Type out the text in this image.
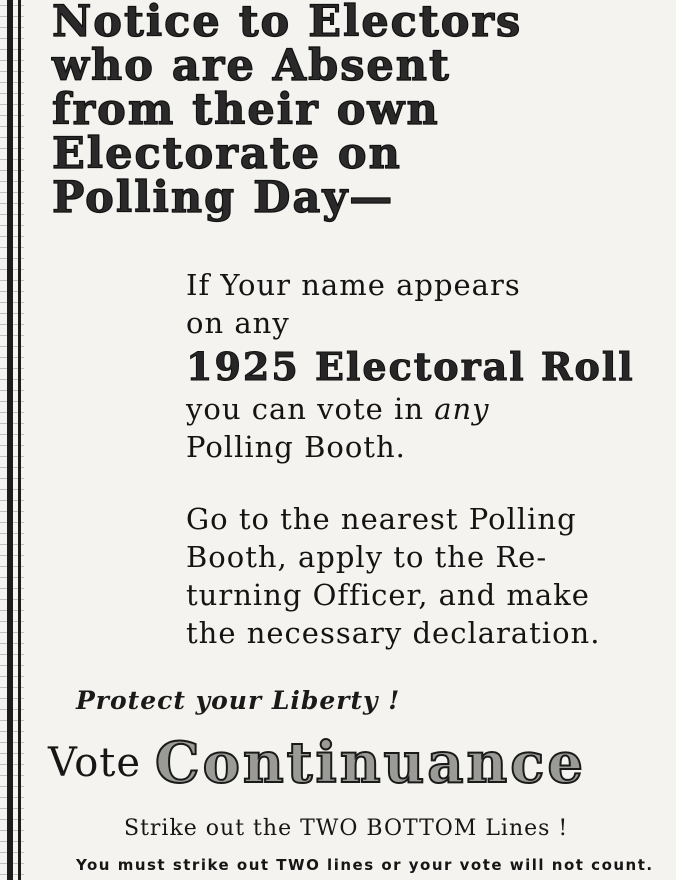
Notice to Electors
who are Absent
from their own
Electorate on
Polling Day—
If Your name appears
on any
1925 Electoral Roll
you can vote in any
Polling Booth.
Go to the nearest Polling
Booth, apply to the Re-
turning Officer, and make
the necessary declaration.
Protect your Liberty !
Vote Continuance
Strike out the TWO BOTTOM Lines !
You must strike out TWO lines or your vote will not count.
